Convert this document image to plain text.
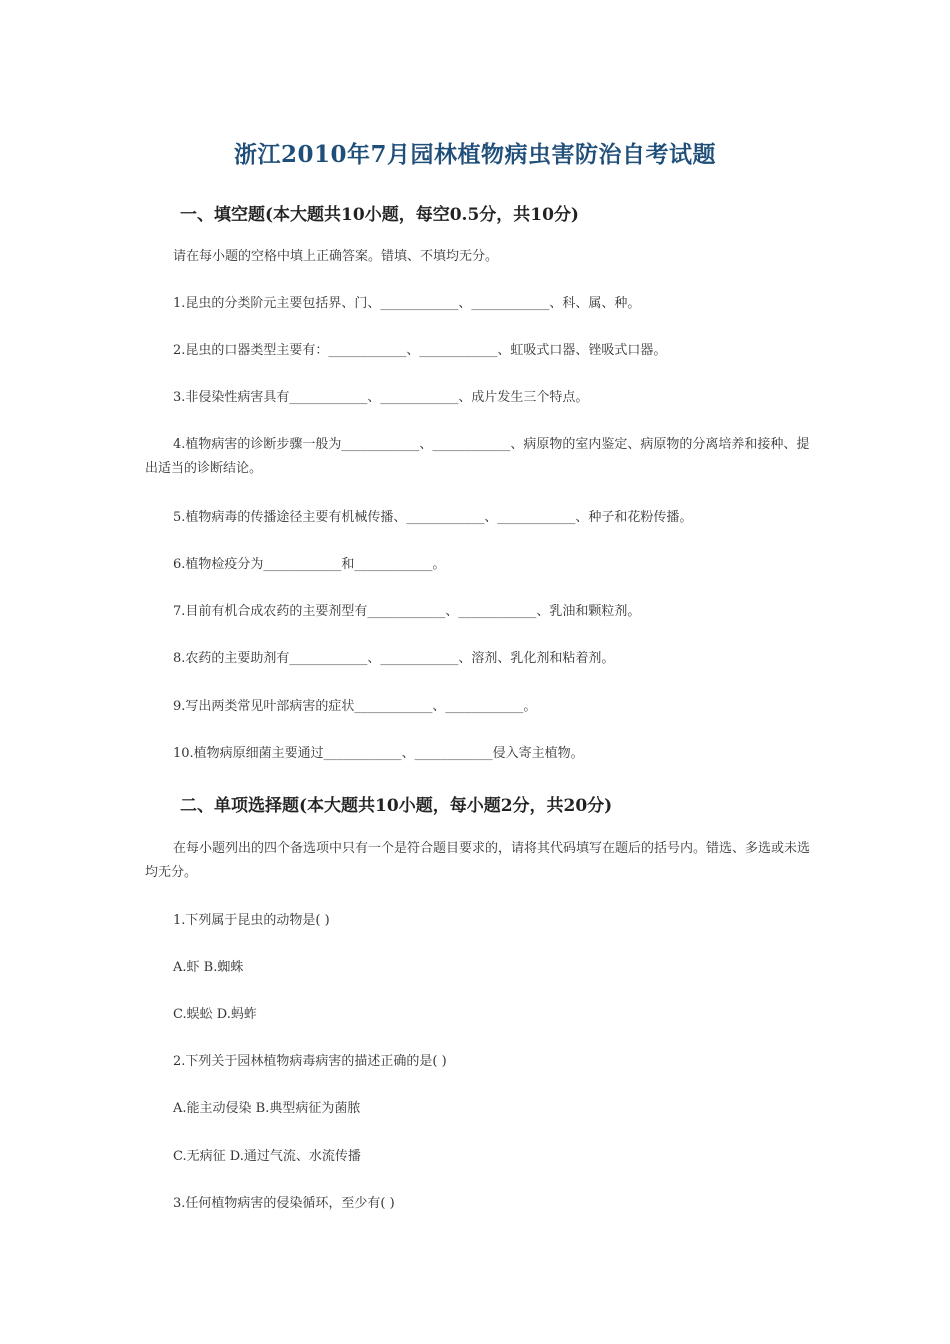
浙江2010年7月园林植物病虫害防治自考试题
一、填空题(本大题共10小题，每空0.5分，共10分)

请在每小题的空格中填上正确答案。错填、不填均无分。

1.昆虫的分类阶元主要包括界、门、____________、____________、科、属、种。

2.昆虫的口器类型主要有：____________、____________、虹吸式口器、锉吸式口器。

3.非侵染性病害具有____________、____________、成片发生三个特点。

4.植物病害的诊断步骤一般为____________、____________、病原物的室内鉴定、病原物的分离培养和接种、提出适当的诊断结论。

5.植物病毒的传播途径主要有机械传播、____________、____________、种子和花粉传播。

6.植物检疫分为____________和____________。

7.目前有机合成农药的主要剂型有____________、____________、乳油和颗粒剂。

8.农药的主要助剂有____________、____________、溶剂、乳化剂和粘着剂。

9.写出两类常见叶部病害的症状____________、____________。

10.植物病原细菌主要通过____________、____________侵入寄主植物。

二、单项选择题(本大题共10小题，每小题2分，共20分)

在每小题列出的四个备选项中只有一个是符合题目要求的，请将其代码填写在题后的括号内。错选、多选或未选均无分。

1.下列属于昆虫的动物是( )

A.虾 B.蜘蛛

C.蜈蚣 D.蚂蚱

2.下列关于园林植物病毒病害的描述正确的是( )

A.能主动侵染 B.典型病征为菌脓

C.无病征 D.通过气流、水流传播

3.任何植物病害的侵染循环，至少有( )
